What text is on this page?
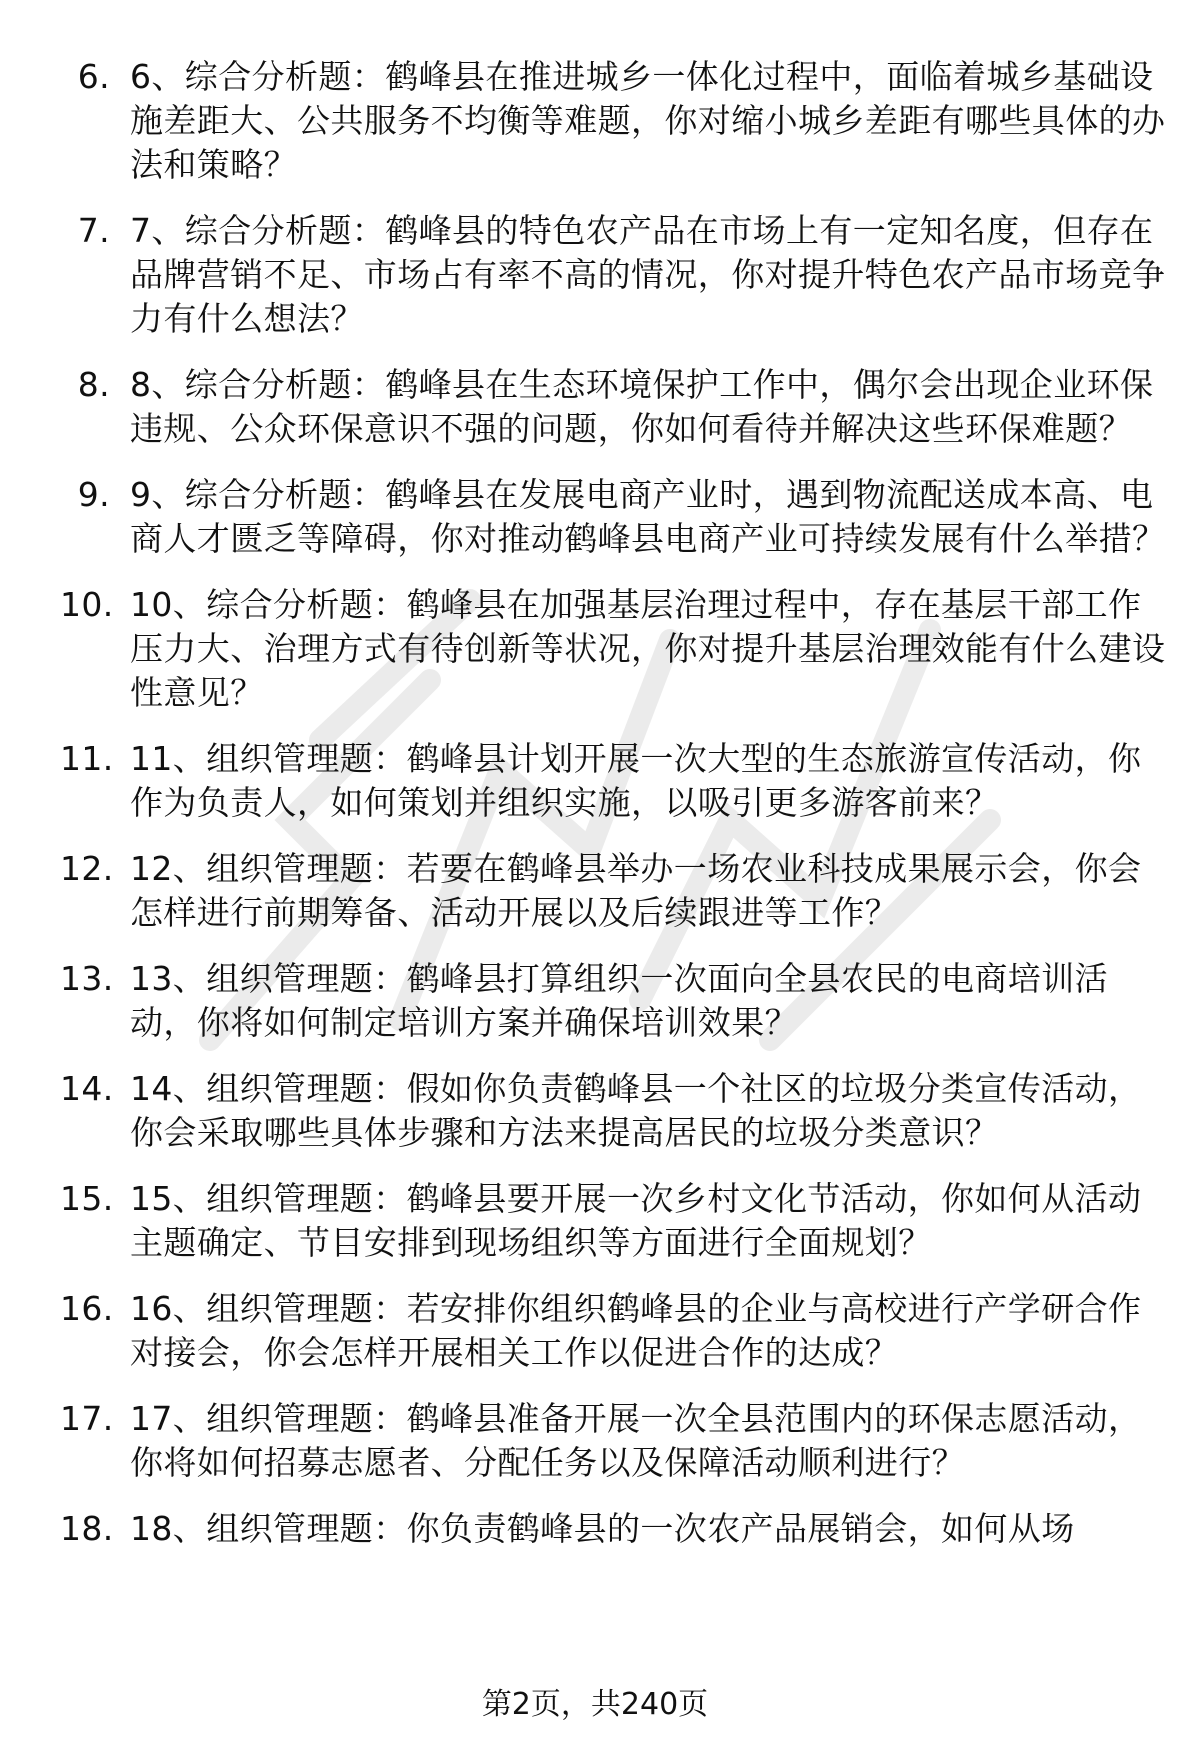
6. 6、综合分析题：鹤峰县在推进城乡一体化过程中，面临着城乡基础设施差距大、公共服务不均衡等难题，你对缩小城乡差距有哪些具体的办法和策略？
7. 7、综合分析题：鹤峰县的特色农产品在市场上有一定知名度，但存在品牌营销不足、市场占有率不高的情况，你对提升特色农产品市场竞争力有什么想法？
8. 8、综合分析题：鹤峰县在生态环境保护工作中，偶尔会出现企业环保违规、公众环保意识不强的问题，你如何看待并解决这些环保难题？
9. 9、综合分析题：鹤峰县在发展电商产业时，遇到物流配送成本高、电商人才匮乏等障碍，你对推动鹤峰县电商产业可持续发展有什么举措？
10. 10、综合分析题：鹤峰县在加强基层治理过程中，存在基层干部工作压力大、治理方式有待创新等状况，你对提升基层治理效能有什么建设性意见？
11. 11、组织管理题：鹤峰县计划开展一次大型的生态旅游宣传活动，你作为负责人，如何策划并组织实施，以吸引更多游客前来？
12. 12、组织管理题：若要在鹤峰县举办一场农业科技成果展示会，你会怎样进行前期筹备、活动开展以及后续跟进等工作？
13. 13、组织管理题：鹤峰县打算组织一次面向全县农民的电商培训活动，你将如何制定培训方案并确保培训效果？
14. 14、组织管理题：假如你负责鹤峰县一个社区的垃圾分类宣传活动，你会采取哪些具体步骤和方法来提高居民的垃圾分类意识？
15. 15、组织管理题：鹤峰县要开展一次乡村文化节活动，你如何从活动主题确定、节目安排到现场组织等方面进行全面规划？
16. 16、组织管理题：若安排你组织鹤峰县的企业与高校进行产学研合作对接会，你会怎样开展相关工作以促进合作的达成？
17. 17、组织管理题：鹤峰县准备开展一次全县范围内的环保志愿活动，你将如何招募志愿者、分配任务以及保障活动顺利进行？
18. 18、组织管理题：你负责鹤峰县的一次农产品展销会，如何从场
第2页，共240页
